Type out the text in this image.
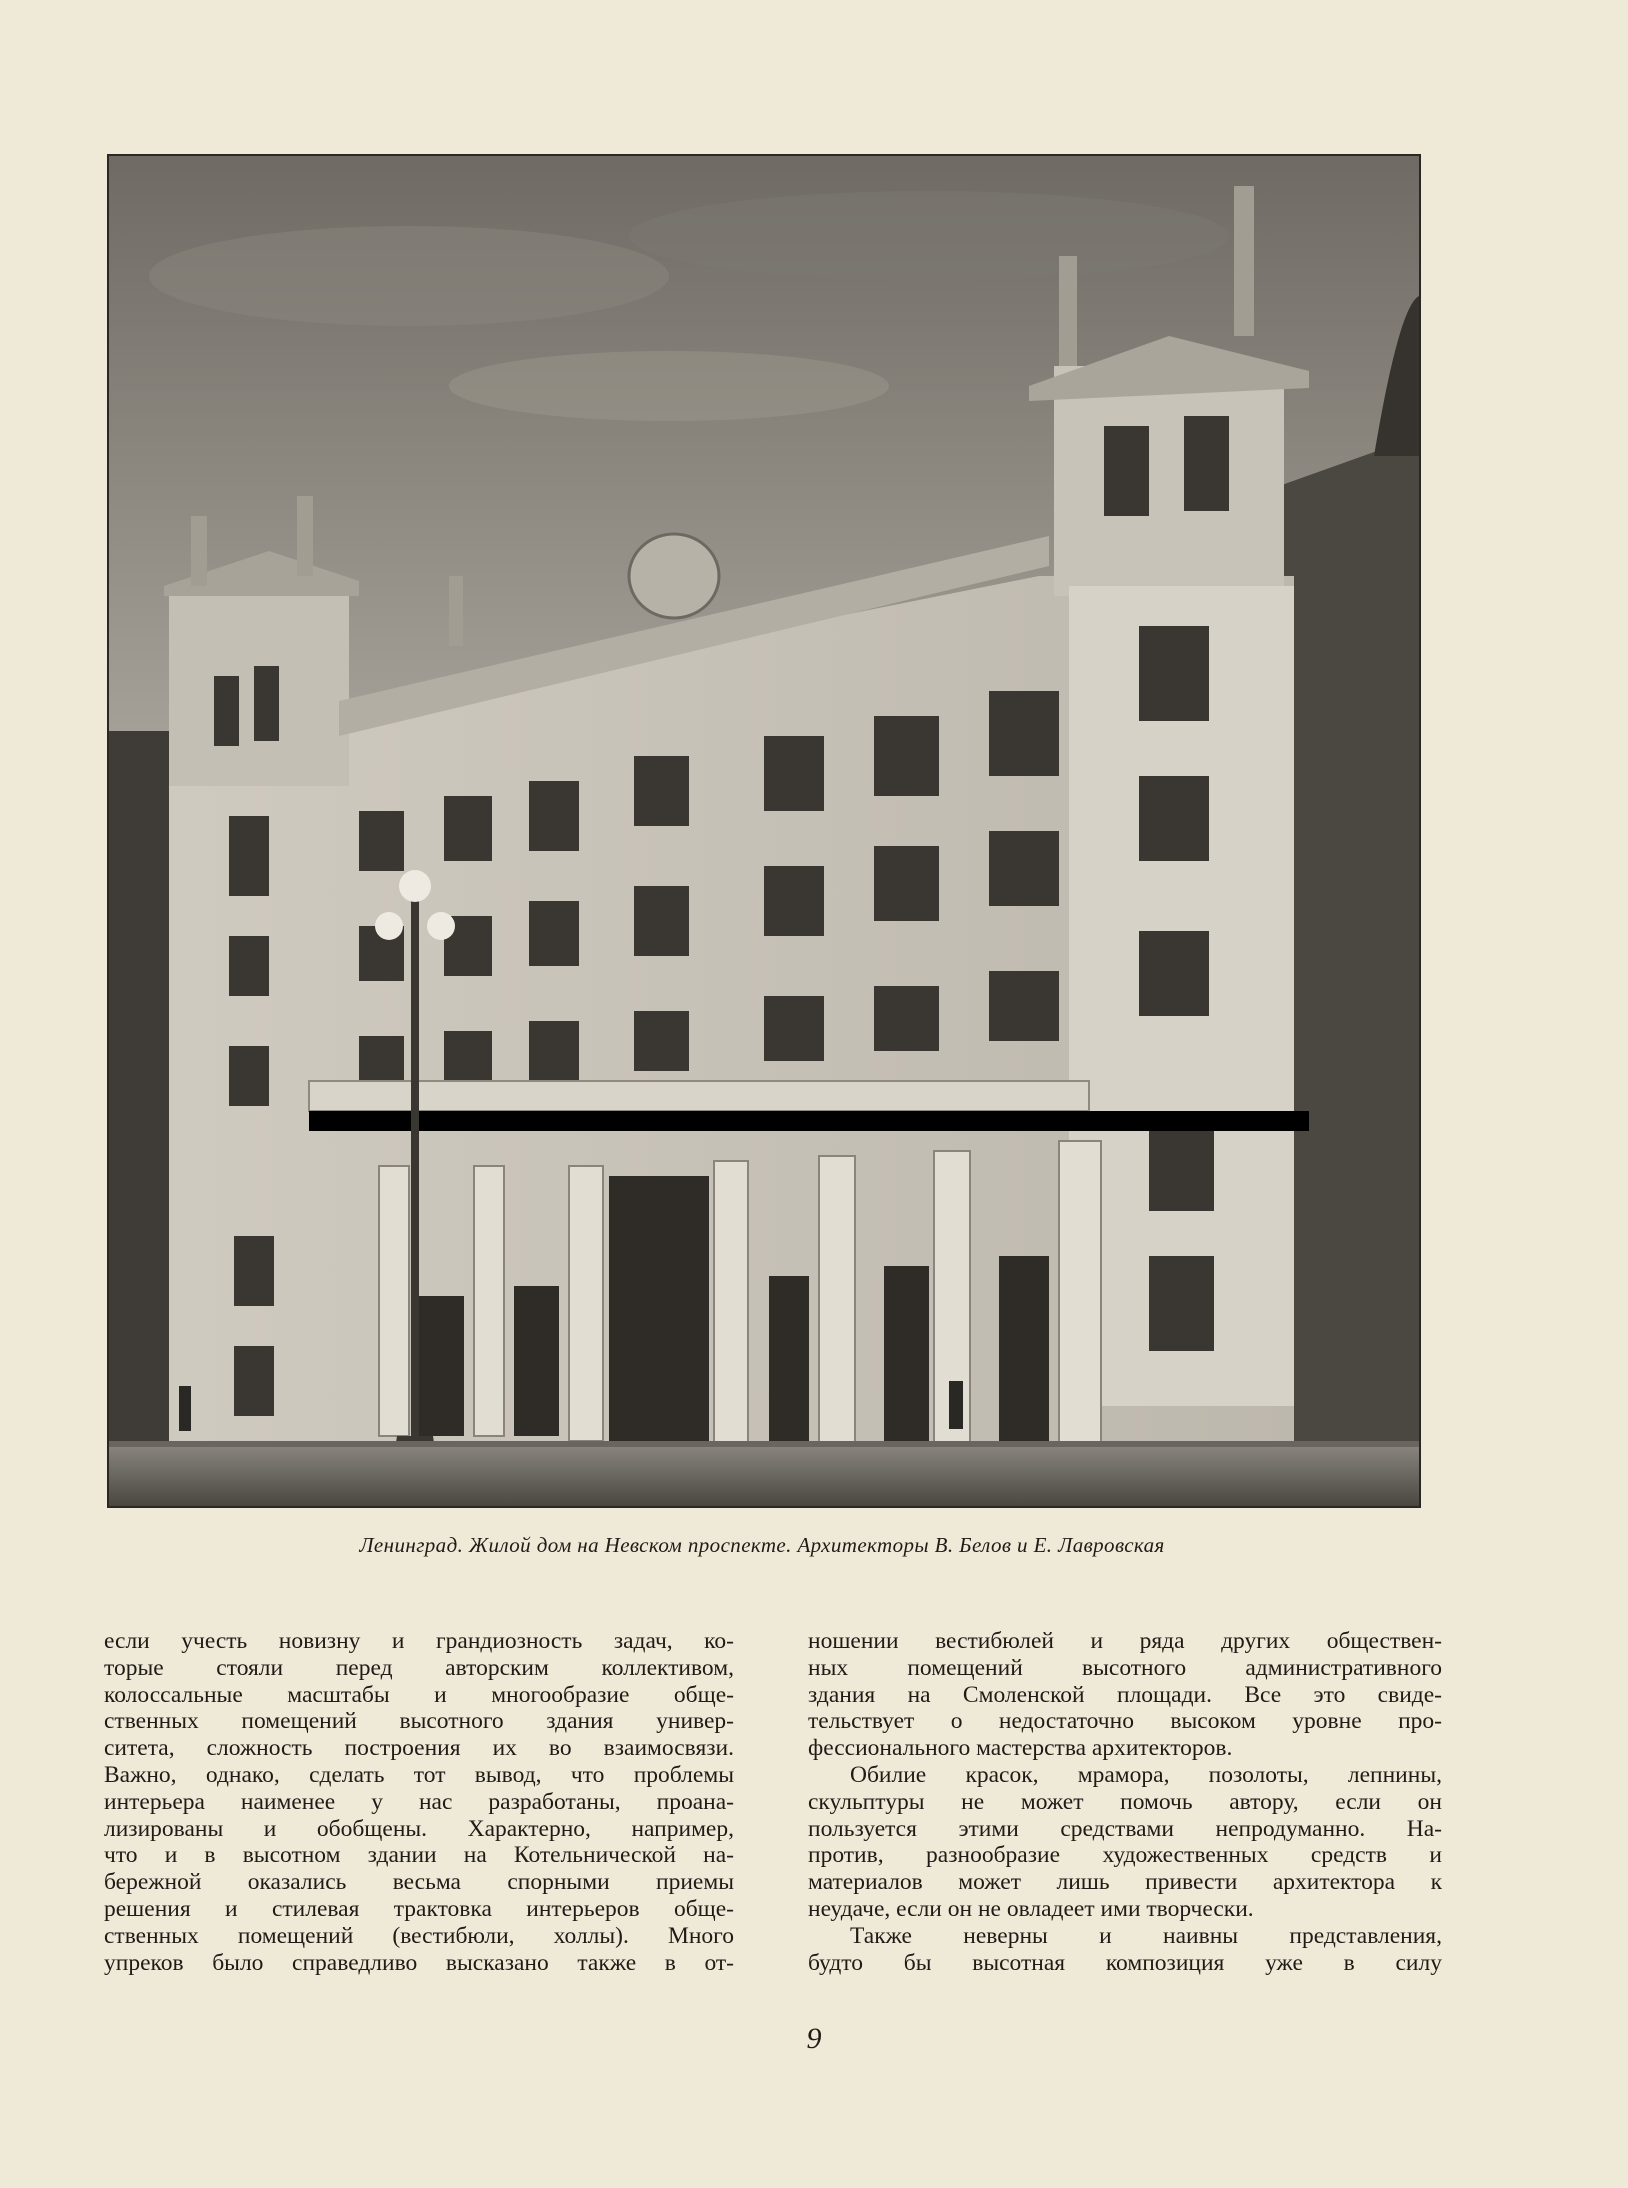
Ленинград. Жилой дом на Невском проспекте. Архитекторы В. Белов и Е. Лавровская
если учесть новизну и грандиозность задач, ко-
торые стояли перед авторским коллективом,
колоссальные масштабы и многообразие обще-
ственных помещений высотного здания универ-
ситета, сложность построения их во взаимосвязи.
Важно, однако, сделать тот вывод, что проблемы
интерьера наименее у нас разработаны, проана-
лизированы и обобщены. Характерно, например,
что и в высотном здании на Котельнической на-
бережной оказались весьма спорными приемы
решения и стилевая трактовка интерьеров обще-
ственных помещений (вестибюли, холлы). Много
упреков было справедливо высказано также в от-
ношении вестибюлей и ряда других обществен-
ных помещений высотного административного
здания на Смоленской площади. Все это свиде-
тельствует о недостаточно высоком уровне про-
фессионального мастерства архитекторов.
Обилие красок, мрамора, позолоты, лепнины,
скульптуры не может помочь автору, если он
пользуется этими средствами непродуманно. На-
против, разнообразие художественных средств и
материалов может лишь привести архитектора к
неудаче, если он не овладеет ими творчески.
Также неверны и наивны представления,
будто бы высотная композиция уже в силу
9
